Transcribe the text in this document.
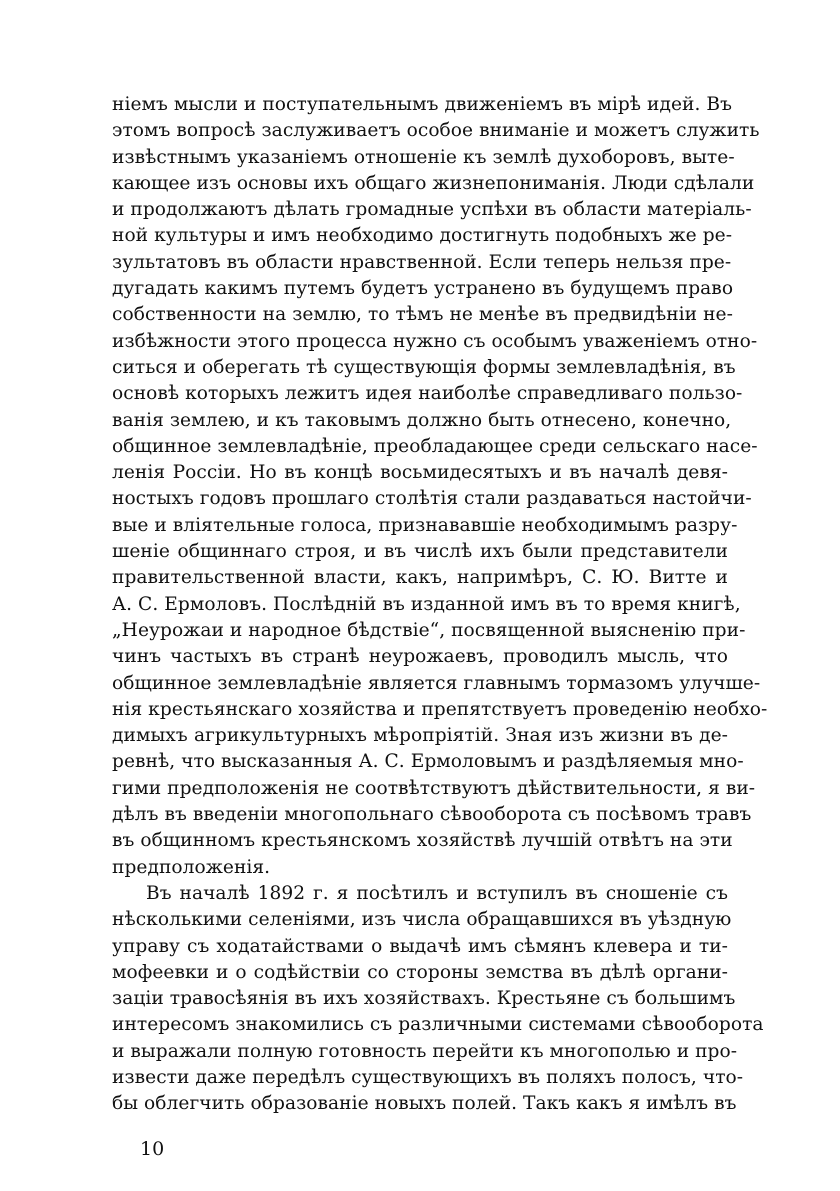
ніемъ мысли и поступательнымъ движеніемъ въ мірѣ идей. Въ
этомъ вопросѣ заслуживаетъ особое вниманіе и можетъ служить
извѣстнымъ указаніемъ отношеніе къ землѣ духоборовъ, выте-
кающее изъ основы ихъ общаго жизнепониманія. Люди сдѣлали
и продолжаютъ дѣлать громадные успѣхи въ области матеріаль-
ной культуры и имъ необходимо достигнуть подобныхъ же ре-
зультатовъ въ области нравственной. Если теперь нельзя пре-
дугадать какимъ путемъ будетъ устранено въ будущемъ право
собственности на землю, то тѣмъ не менѣе въ предвидѣніи не-
избѣжности этого процесса нужно съ особымъ уваженіемъ отно-
ситься и оберегать тѣ существующія формы землевладѣнія, въ
основѣ которыхъ лежитъ идея наиболѣе справедливаго пользо-
ванія землею, и къ таковымъ должно быть отнесено, конечно,
общинное землевладѣніе, преобладающее среди сельскаго насе-
ленія Россіи. Но въ концѣ восьмидесятыхъ и въ началѣ девя-
ностыхъ годовъ прошлаго столѣтія стали раздаваться настойчи-
вые и вліятельные голоса, признававшіе необходимымъ разру-
шеніе общиннаго строя, и въ числѣ ихъ были представители
правительственной власти, какъ, напримѣръ, С. Ю. Витте и
А. С. Ермоловъ. Послѣдній въ изданной имъ въ то время книгѣ,
„Неурожаи и народное бѣдствіе“, посвященной выясненію при-
чинъ частыхъ въ странѣ неурожаевъ, проводилъ мысль, что
общинное землевладѣніе является главнымъ тормазомъ улучше-
нія крестьянскаго хозяйства и препятствуетъ проведенію необхо-
димыхъ агрикультурныхъ мѣропріятій. Зная изъ жизни въ де-
ревнѣ, что высказанныя А. С. Ермоловымъ и раздѣляемыя мно-
гими предположенія не соотвѣтствуютъ дѣйствительности, я ви-
дѣлъ въ введеніи многопольнаго сѣвооборота съ посѣвомъ травъ
въ общинномъ крестьянскомъ хозяйствѣ лучшій отвѣтъ на эти
предположенія.
Въ началѣ 1892 г. я посѣтилъ и вступилъ въ сношеніе съ
нѣсколькими селеніями, изъ числа обращавшихся въ уѣздную
управу съ ходатайствами о выдачѣ имъ сѣмянъ клевера и ти-
мофеевки и о содѣйствіи со стороны земства въ дѣлѣ органи-
заціи травосѣянія въ ихъ хозяйствахъ. Крестьяне съ большимъ
интересомъ знакомились съ различными системами сѣвооборота
и выражали полную готовность перейти къ многополью и про-
извести даже передѣлъ существующихъ въ поляхъ полосъ, что-
бы облегчить образованіе новыхъ полей. Такъ какъ я имѣлъ въ
10
